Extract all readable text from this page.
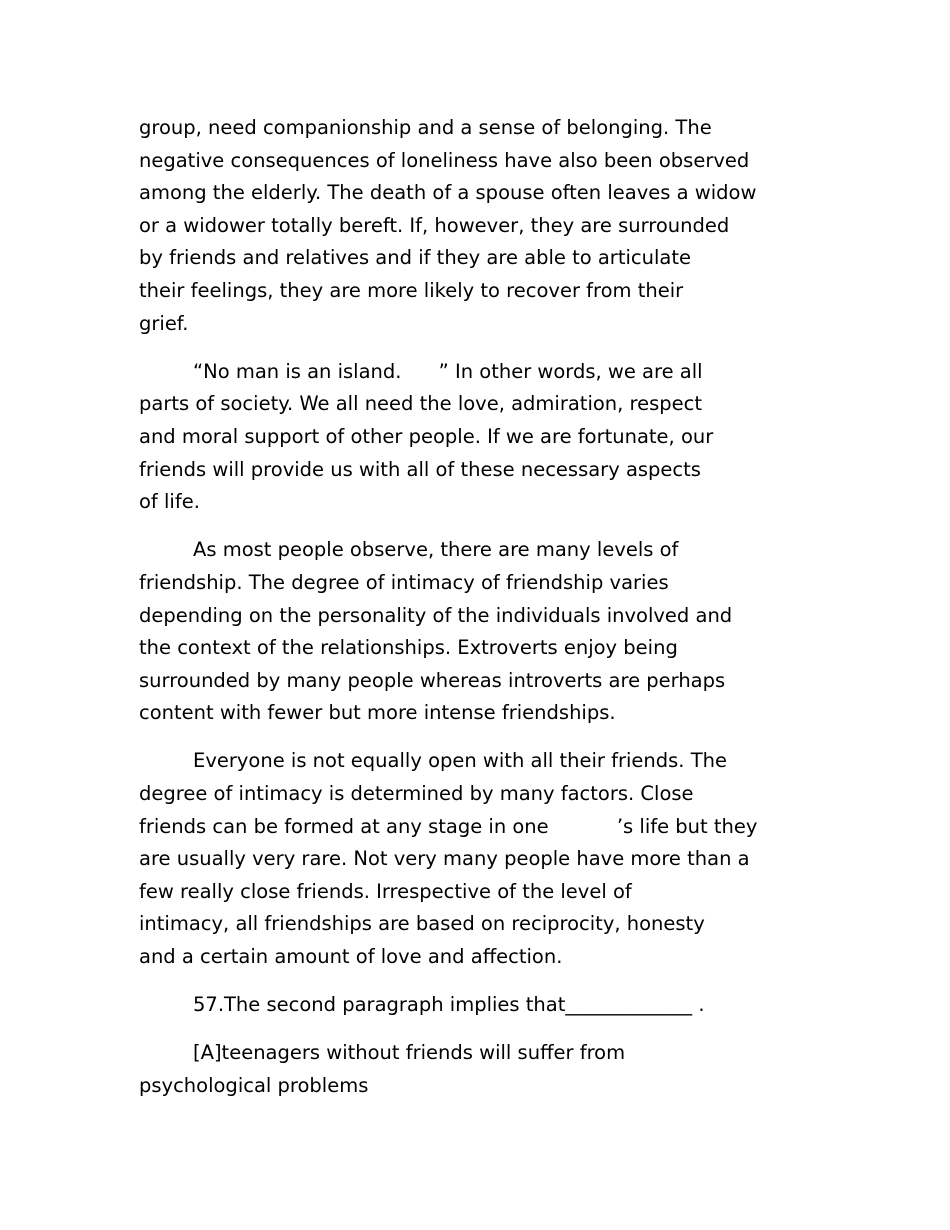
group, need companionship and a sense of belonging. The
negative consequences of loneliness have also been observed
among the elderly. The death of a spouse often leaves a widow
or a widower totally bereft. If, however, they are surrounded
by friends and relatives and if they are able to articulate
their feelings, they are more likely to recover from their
grief.
“No man is an island.      ” In other words, we are all
parts of society. We all need the love, admiration, respect
and moral support of other people. If we are fortunate, our
friends will provide us with all of these necessary aspects
of life.
As most people observe, there are many levels of
friendship. The degree of intimacy of friendship varies
depending on the personality of the individuals involved and
the context of the relationships. Extroverts enjoy being
surrounded by many people whereas introverts are perhaps
content with fewer but more intense friendships.
Everyone is not equally open with all their friends. The
degree of intimacy is determined by many factors. Close
friends can be formed at any stage in one           ’s life but they
are usually very rare. Not very many people have more than a
few really close friends. Irrespective of the level of
intimacy, all friendships are based on reciprocity, honesty
and a certain amount of love and affection.
57.The second paragraph implies that_____________ .
[A]teenagers without friends will suffer from
psychological problems
